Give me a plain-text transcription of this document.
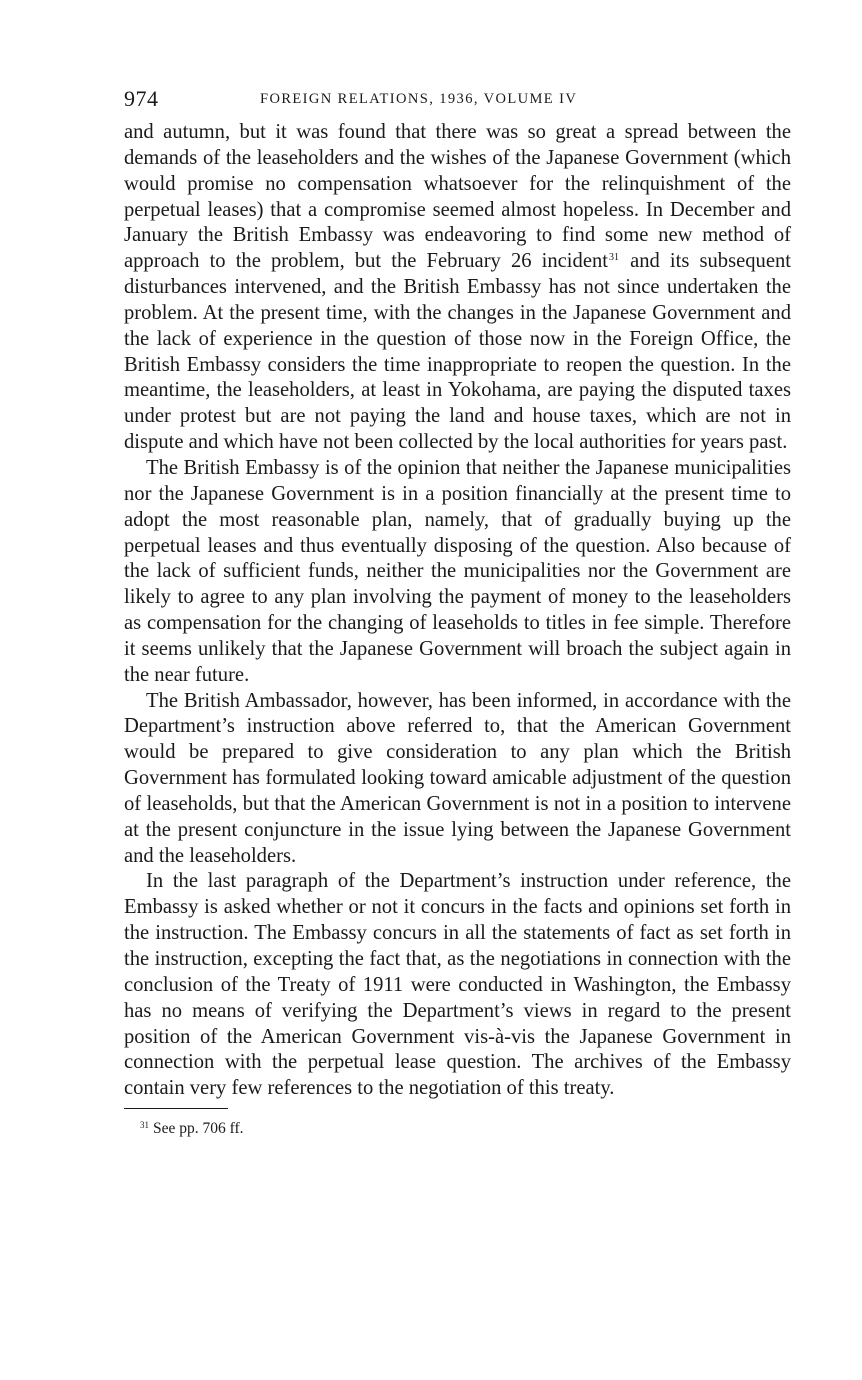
974	FOREIGN RELATIONS, 1936, VOLUME IV

and autumn, but it was found that there was so great a spread between the demands of the leaseholders and the wishes of the Japanese Government (which would promise no compensation whatsoever for the relinquishment of the perpetual leases) that a compromise seemed almost hopeless. In December and January the British Embassy was endeavoring to find some new method of approach to the problem, but the February 26 incident$^{31}$ and its subsequent disturbances intervened, and the British Embassy has not since undertaken the problem. At the present time, with the changes in the Japanese Government and the lack of experience in the question of those now in the Foreign Office, the British Embassy considers the time inappropriate to reopen the question. In the meantime, the leaseholders, at least in Yokohama, are paying the disputed taxes under protest but are not paying the land and house taxes, which are not in dispute and which have not been collected by the local authorities for years past.

The British Embassy is of the opinion that neither the Japanese municipalities nor the Japanese Government is in a position financially at the present time to adopt the most reasonable plan, namely, that of gradually buying up the perpetual leases and thus eventually disposing of the question. Also because of the lack of sufficient funds, neither the municipalities nor the Government are likely to agree to any plan involving the payment of money to the leaseholders as compensation for the changing of leaseholds to titles in fee simple. Therefore it seems unlikely that the Japanese Government will broach the subject again in the near future.

The British Ambassador, however, has been informed, in accordance with the Department’s instruction above referred to, that the American Government would be prepared to give consideration to any plan which the British Government has formulated looking toward amicable adjustment of the question of leaseholds, but that the American Government is not in a position to intervene at the present conjuncture in the issue lying between the Japanese Government and the leaseholders.

In the last paragraph of the Department’s instruction under reference, the Embassy is asked whether or not it concurs in the facts and opinions set forth in the instruction. The Embassy concurs in all the statements of fact as set forth in the instruction, excepting the fact that, as the negotiations in connection with the conclusion of the Treaty of 1911 were conducted in Washington, the Embassy has no means of verifying the Department’s views in regard to the present position of the American Government vis-à-vis the Japanese Government in connection with the perpetual lease question. The archives of the Embassy contain very few references to the negotiation of this treaty.

$^{31}$ See pp. 706 ff.
